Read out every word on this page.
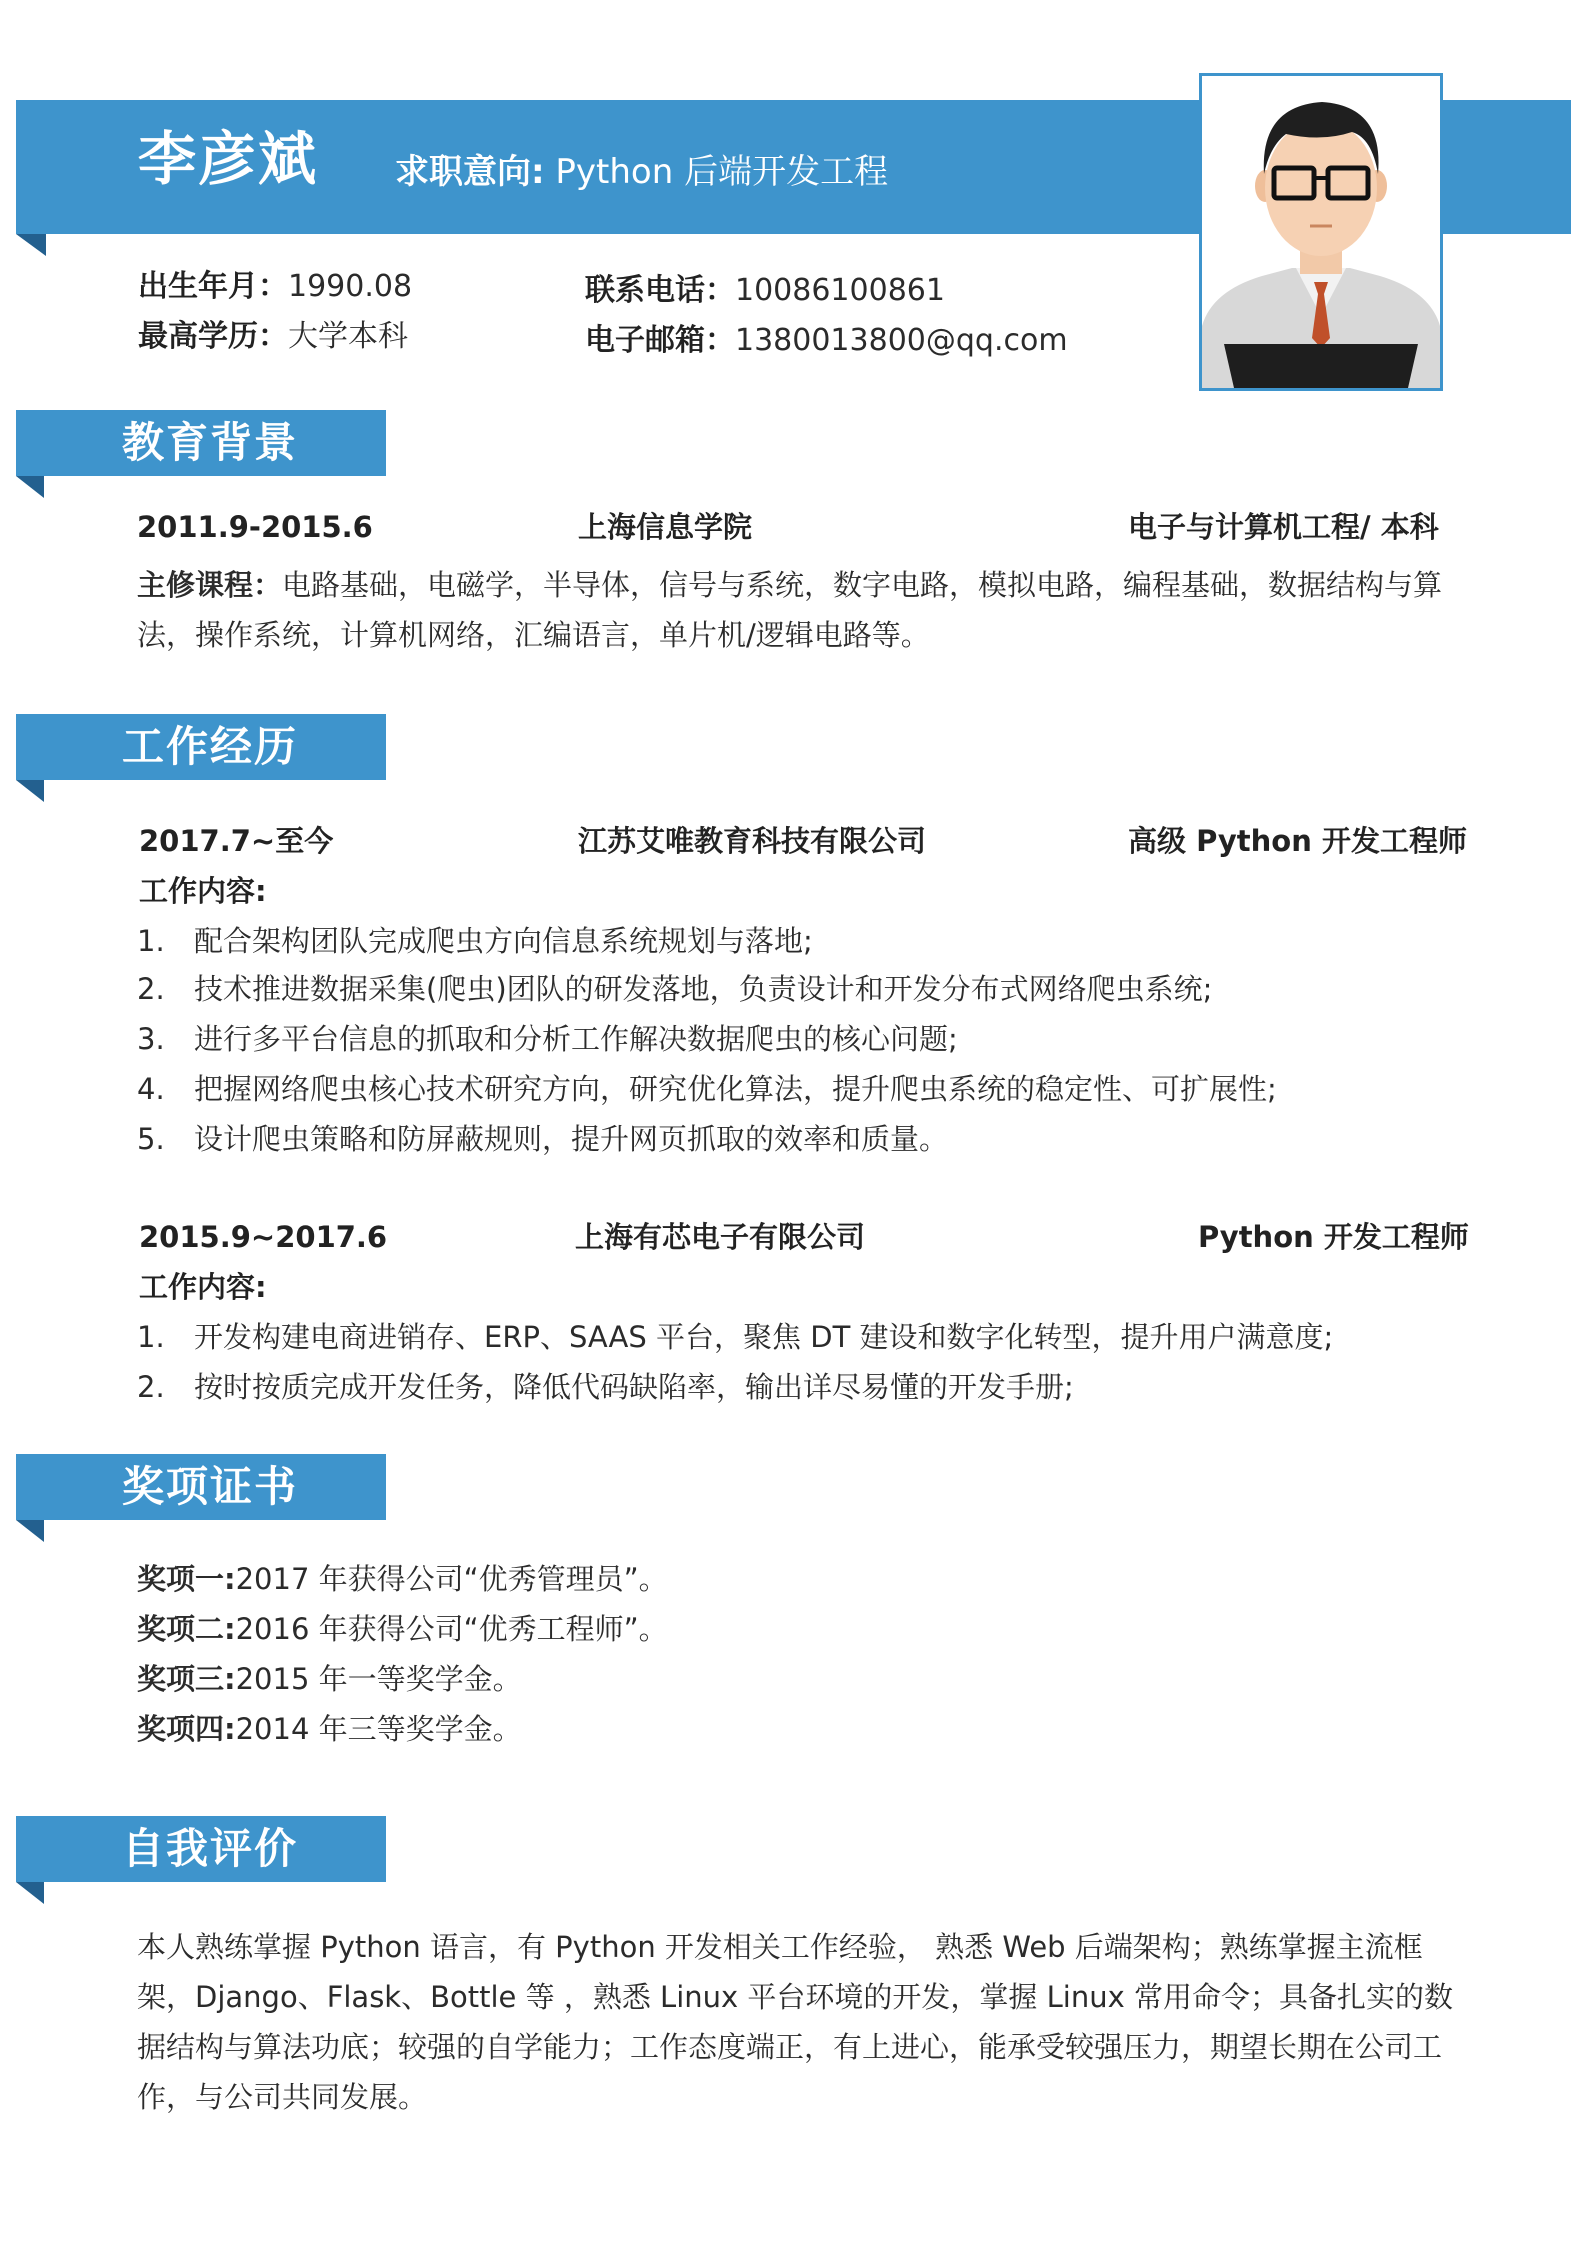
李彦斌 求职意向: Python 后端开发工程
出生年月：1990.08
最高学历：大学本科
联系电话：10086100861
电子邮箱：1380013800@qq.com
教育背景
2011.9-2015.6	上海信息学院	电子与计算机工程/ 本科
主修课程：电路基础，电磁学，半导体，信号与系统，数字电路，模拟电路，编程基础，数据结构与算法，操作系统，计算机网络，汇编语言，单片机/逻辑电路等。
工作经历
2017.7~至今	江苏艾唯教育科技有限公司	高级 Python 开发工程师
工作内容:
1. 配合架构团队完成爬虫方向信息系统规划与落地;
2. 技术推进数据采集(爬虫)团队的研发落地，负责设计和开发分布式网络爬虫系统;
3. 进行多平台信息的抓取和分析工作解决数据爬虫的核心问题;
4. 把握网络爬虫核心技术研究方向，研究优化算法，提升爬虫系统的稳定性、可扩展性;
5. 设计爬虫策略和防屏蔽规则，提升网页抓取的效率和质量。
2015.9~2017.6	上海有芯电子有限公司	Python 开发工程师
工作内容:
1. 开发构建电商进销存、ERP、SAAS 平台，聚焦 DT 建设和数字化转型，提升用户满意度;
2. 按时按质完成开发任务，降低代码缺陷率，输出详尽易懂的开发手册;
奖项证书
奖项一:2017 年获得公司“优秀管理员”。
奖项二:2016 年获得公司“优秀工程师”。
奖项三:2015 年一等奖学金。
奖项四:2014 年三等奖学金。
自我评价
本人熟练掌握 Python 语言，有 Python 开发相关工作经验， 熟悉 Web 后端架构；熟练掌握主流框架，Django、Flask、Bottle 等 ，熟悉 Linux 平台环境的开发，掌握 Linux 常用命令；具备扎实的数据结构与算法功底；较强的自学能力；工作态度端正，有上进心，能承受较强压力，期望长期在公司工作，与公司共同发展。
